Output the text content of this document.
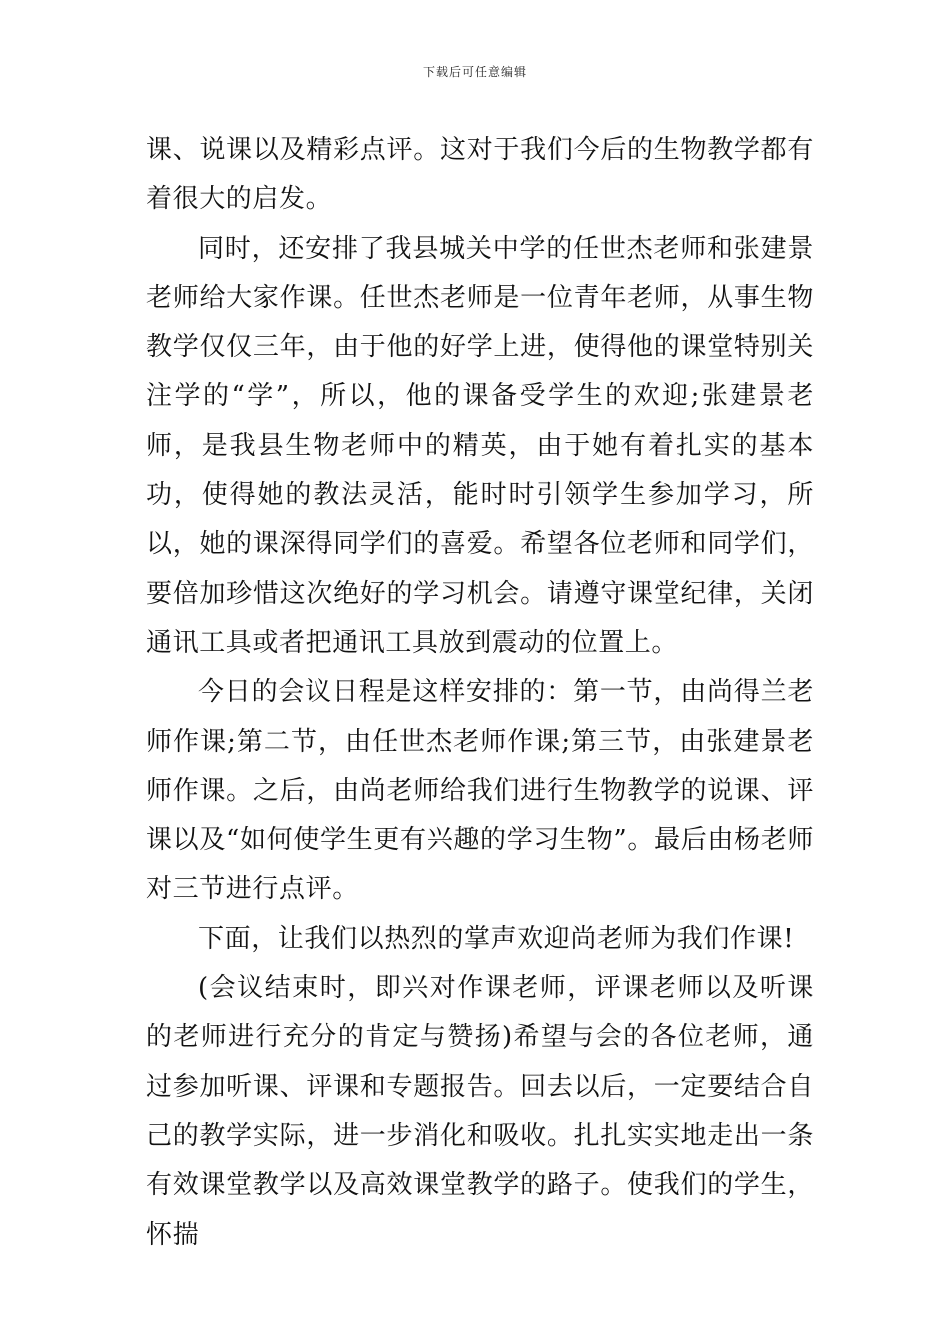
下载后可任意编辑

课、说课以及精彩点评。这对于我们今后的生物教学都有着很大的启发。

同时，还安排了我县城关中学的任世杰老师和张建景老师给大家作课。任世杰老师是一位青年老师，从事生物教学仅仅三年，由于他的好学上进，使得他的课堂特别关注学的“学”，所以，他的课备受学生的欢迎;张建景老师，是我县生物老师中的精英，由于她有着扎实的基本功，使得她的教法灵活，能时时引领学生参加学习，所以，她的课深得同学们的喜爱。希望各位老师和同学们，要倍加珍惜这次绝好的学习机会。请遵守课堂纪律，关闭通讯工具或者把通讯工具放到震动的位置上。

今日的会议日程是这样安排的：第一节，由尚得兰老师作课;第二节，由任世杰老师作课;第三节，由张建景老师作课。之后，由尚老师给我们进行生物教学的说课、评课以及“如何使学生更有兴趣的学习生物”。最后由杨老师对三节进行点评。

下面，让我们以热烈的掌声欢迎尚老师为我们作课!

(会议结束时，即兴对作课老师，评课老师以及听课的老师进行充分的肯定与赞扬)希望与会的各位老师，通过参加听课、评课和专题报告。回去以后，一定要结合自己的教学实际，进一步消化和吸收。扎扎实实地走出一条有效课堂教学以及高效课堂教学的路子。使我们的学生，怀揣
